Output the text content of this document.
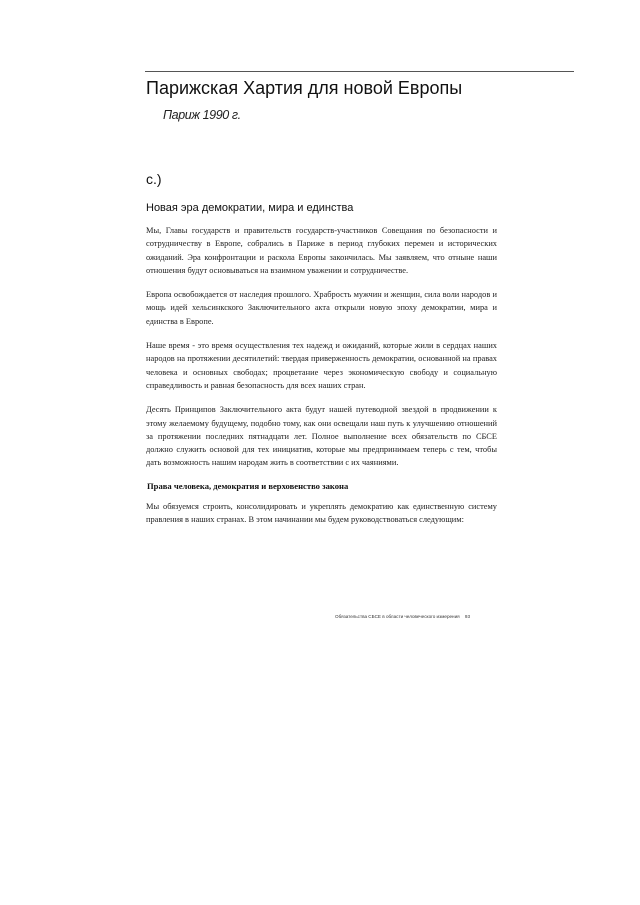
Парижская Хартия для новой Европы
Париж 1990 г.
с.)
Новая эра демократии, мира и единства

Мы, Главы государств и правительств государств-участников Совещания по безопасности и сотрудничеству в Европе, собрались в Париже в период глубоких перемен и исторических ожиданий. Эра конфронтации и раскола Европы закончилась. Мы заявляем, что отныне наши отношения будут основываться на взаимном уважении и сотрудничестве.

Европа освобождается от наследия прошлого. Храбрость мужчин и женщин, сила воли народов и мощь идей хельсинкского Заключительного акта открыли новую эпоху демократии, мира и единства в Европе.

Наше время - это время осуществления тех надежд и ожиданий, которые жили в сердцах наших народов на протяжении десятилетий: твердая приверженность демократии, основанной на правах человека и основных свободах; процветание через экономическую свободу и социальную справедливость и равная безопасность для всех наших стран.

Десять Принципов Заключительного акта будут нашей путеводной звездой в продвижении к этому желаемому будущему, подобно тому, как они освещали наш путь к улучшению отношений за протяжении последних пятнадцати лет. Полное выполнение всех обязательств по СБСЕ должно служить основой для тех инициатив, которые мы предпринимаем теперь с тем, чтобы дать возможность нашим народам жить в соответствии с их чаяниями.

Права человека, демократия и верховенство закона

Мы обязуемся строить, консолидировать и укреплять демократию как единственную систему правления в наших странах. В этом начинании мы будем руководствоваться следующим:

Обязательства СБСЕ в области человеческого измерения 93
